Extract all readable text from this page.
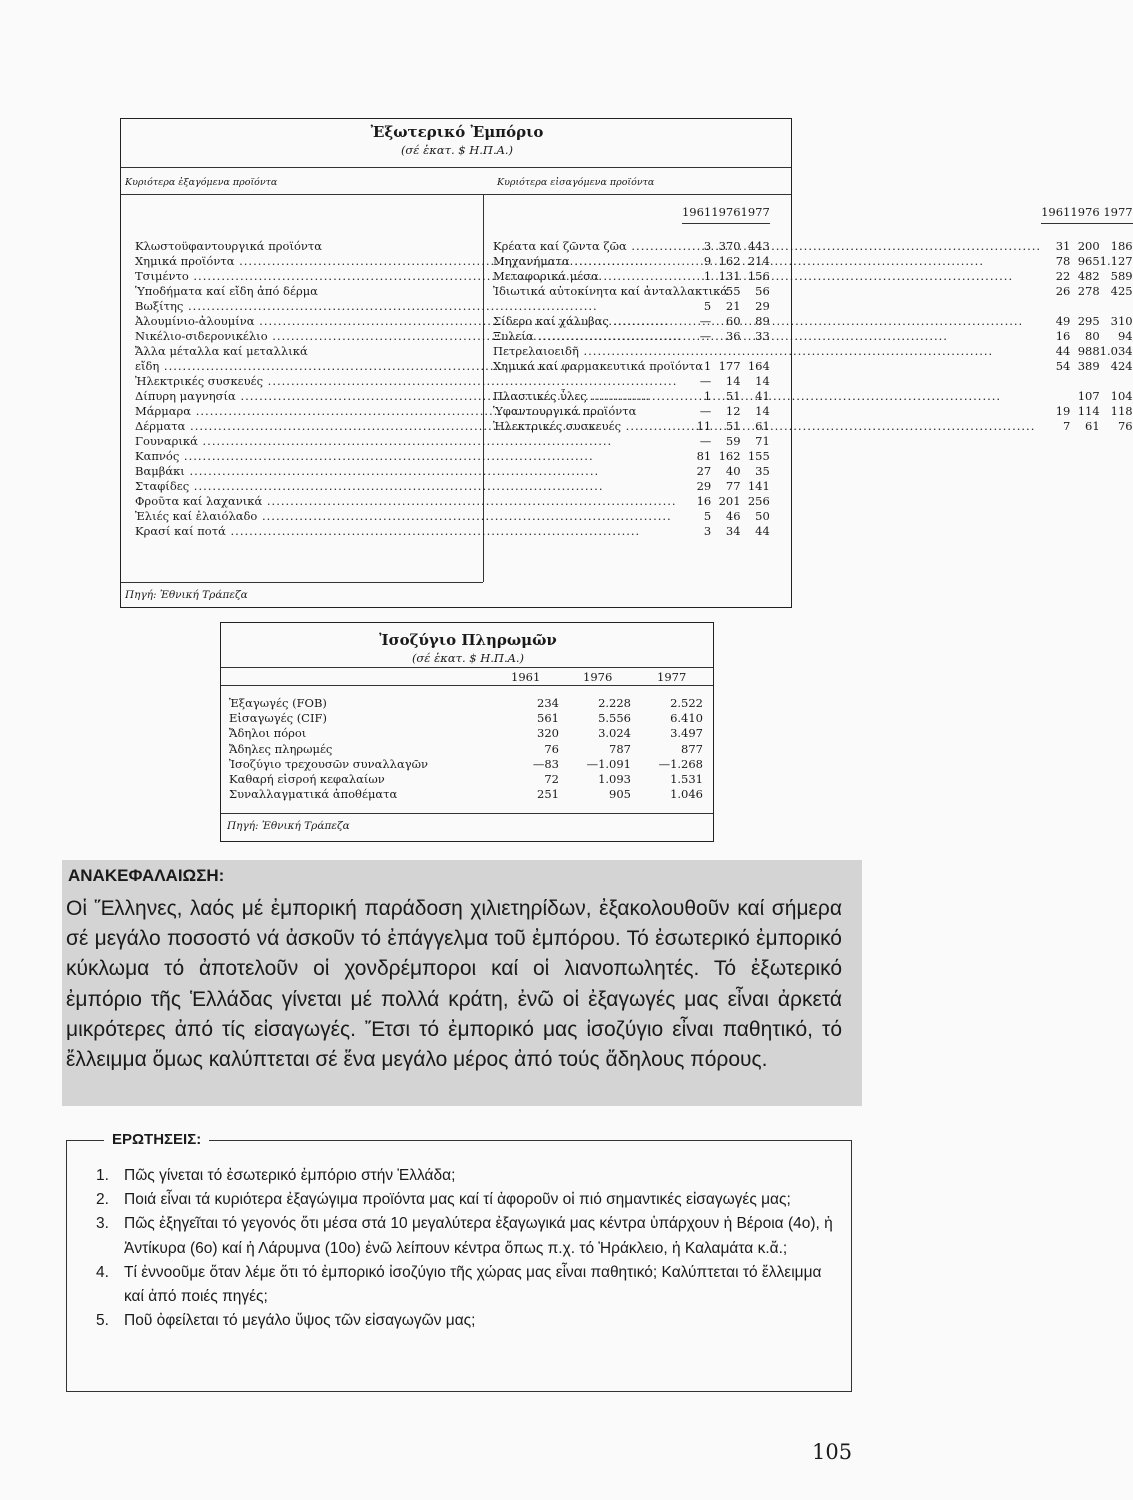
Ἐξωτερικό Ἐμπόριο
(σέ ἑκατ. $ Η.Π.Α.)
Κυριότερα ἐξαγόμενα προϊόντα	Κυριότερα εἰσαγόμενα προϊόντα
	1961	1976	1977

Κλωστοϋφαντουργικά προϊόντα	3	370	443
Χημικά προϊόντα .....	9	162	214
Τσιμέντο .....	1	131	156
Ὑποδήματα καί εἴδη ἀπό δέρμα		55	56
Βωξίτης .....	5	21	29
Ἀλουμίνιο-ἀλουμίνα .....	—	60	89
Νικέλιο-σιδερονικέλιο .....	—	36	33
Ἄλλα μέταλλα καί μεταλλικά			
εἴδη .....	1	177	164
Ἠλεκτρικές συσκευές .....	—	14	14
Δίπυρη μαγνησία .....	1	51	41
Μάρμαρα .....	—	12	14
Δέρματα .....	11	51	61
Γουναρικά .....	—	59	71
Καπνός .....	81	162	155
Βαμβάκι .....	27	40	35
Σταφίδες .....	29	77	141
Φροῦτα καί λαχανικά .....	16	201	256
Ἐλιές καί ἐλαιόλαδο .....	5	46	50
Κρασί καί ποτά .....	3	34	44
	1961	1976	1977

Κρέατα καί ζῶντα ζῶα .....	31	200	186
Μηχανήματα .....	78	965	1.127
Μεταφορικά μέσα .....	22	482	589
Ἰδιωτικά αὐτοκίνητα καί ἀνταλλακτικά	26	278	425
Σίδερο καί χάλυβας .....	49	295	310
Ξυλεία .....	16	80	94
Πετρελαιοειδῆ .....	44	988	1.034
Χημικά καί φαρμακευτικά προϊόντα	54	389	424
Πλαστικές ὗλες .....		107	104
Ὑφαντουργικά προϊόντα	19	114	118
Ἠλεκτρικές συσκευές .....	7	61	76
Πηγή: Ἐθνική Τράπεζα
Ἰσοζύγιο Πληρωμῶν
(σέ ἑκατ. $ Η.Π.Α.)
1961	1976	1977
Ἐξαγωγές (FOB)	234	2.228	2.522
Εἰσαγωγές (CIF)	561	5.556	6.410
Ἄδηλοι πόροι	320	3.024	3.497
Ἄδηλες πληρωμές	76	787	877
Ἰσοζύγιο τρεχουσῶν συναλλαγῶν	—83	—1.091	—1.268
Καθαρή εἰσροή κεφαλαίων	72	1.093	1.531
Συναλλαγματικά ἀποθέματα	251	905	1.046
Πηγή: Ἐθνική Τράπεζα
ΑΝΑΚΕΦΑΛΑΙΩΣΗ:
Οἱ Ἕλληνες, λαός μέ ἐμπορική παράδοση χιλιετηρίδων, ἐξακολουθοῦν καί σήμερα σέ μεγάλο ποσοστό νά ἀσκοῦν τό ἐπάγγελμα τοῦ ἐμπόρου. Τό ἐσωτερικό ἐμπορικό κύκλωμα τό ἀποτελοῦν οἱ χονδρέμποροι καί οἱ λιανοπωλητές. Τό ἐξωτερικό ἐμπόριο τῆς Ἑλλάδας γίνεται μέ πολλά κράτη, ἐνῶ οἱ ἐξαγωγές μας εἶναι ἀρκετά μικρότερες ἀπό τίς εἰσαγωγές. Ἔτσι τό ἐμπορικό μας ἰσοζύγιο εἶναι παθητικό, τό ἔλλειμμα ὅμως καλύπτεται σέ ἕνα μεγάλο μέρος ἀπό τούς ἄδηλους πόρους.
ΕΡΩΤΗΣΕΙΣ:
1. Πῶς γίνεται τό ἐσωτερικό ἐμπόριο στήν Ἑλλάδα;
2. Ποιά εἶναι τά κυριότερα ἐξαγώγιμα προϊόντα μας καί τί ἀφοροῦν οἱ πιό σημαντικές εἰσαγωγές μας;
3. Πῶς ἐξηγεῖται τό γεγονός ὅτι μέσα στά 10 μεγαλύτερα ἐξαγωγικά μας κέντρα ὑπάρχουν ἡ Βέροια (4ο), ἡ Ἀντίκυρα (6ο) καί ἡ Λάρυμνα (10ο) ἐνῶ λείπουν κέντρα ὅπως π.χ. τό Ἡράκλειο, ἡ Καλαμάτα κ.ἄ.;
4. Τί ἐννοοῦμε ὅταν λέμε ὅτι τό ἐμπορικό ἰσοζύγιο τῆς χώρας μας εἶναι παθητικό; Καλύπτεται τό ἔλλειμμα καί ἀπό ποιές πηγές;
5. Ποῦ ὀφείλεται τό μεγάλο ὕψος τῶν εἰσαγωγῶν μας;
105
